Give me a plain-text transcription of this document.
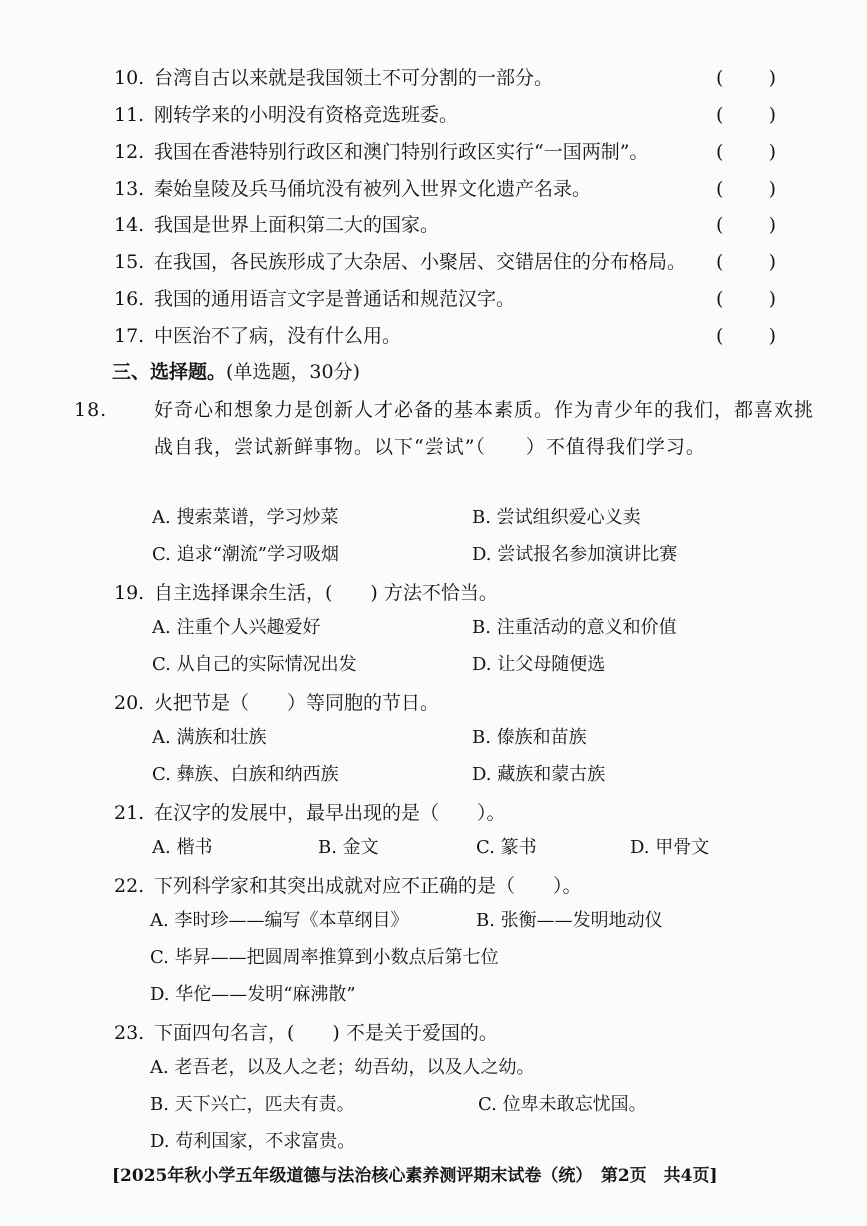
10. 台湾自古以来就是我国领土不可分割的一部分。	( )
11. 刚转学来的小明没有资格竞选班委。	( )
12. 我国在香港特别行政区和澳门特别行政区实行“一国两制”。	( )
13. 秦始皇陵及兵马俑坑没有被列入世界文化遗产名录。	( )
14. 我国是世界上面积第二大的国家。	( )
15. 在我国，各民族形成了大杂居、小聚居、交错居住的分布格局。 ( )
16. 我国的通用语言文字是普通话和规范汉字。	( )
17. 中医治不了病，没有什么用。	( )
三、选择题。(单选题，30分)
18. 好奇心和想象力是创新人才必备的基本素质。作为青少年的我们，都喜欢挑战自我，尝试新鲜事物。以下“尝试”（　　）不值得我们学习。
A. 搜索菜谱，学习炒菜	B. 尝试组织爱心义卖
C. 追求“潮流”学习吸烟	D. 尝试报名参加演讲比赛
19. 自主选择课余生活，(　　) 方法不恰当。
A. 注重个人兴趣爱好	B. 注重活动的意义和价值
C. 从自己的实际情况出发	D. 让父母随便选
20. 火把节是（　　）等同胞的节日。
A. 满族和壮族	B. 傣族和苗族
C. 彝族、白族和纳西族	D. 藏族和蒙古族
21. 在汉字的发展中，最早出现的是（　　）。
A. 楷书	B. 金文	C. 篆书	D. 甲骨文
22. 下列科学家和其突出成就对应不正确的是（　　）。
A. 李时珍——编写《本草纲目》	B. 张衡——发明地动仪
C. 毕昇——把圆周率推算到小数点后第七位
D. 华佗——发明“麻沸散”
23. 下面四句名言，(　　) 不是关于爱国的。
A. 老吾老，以及人之老；幼吾幼，以及人之幼。
B. 天下兴亡，匹夫有责。	C. 位卑未敢忘忧国。
D. 苟利国家，不求富贵。
[2025年秋小学五年级道德与法治核心素养测评期末试卷（统）　第2页　共4页]
